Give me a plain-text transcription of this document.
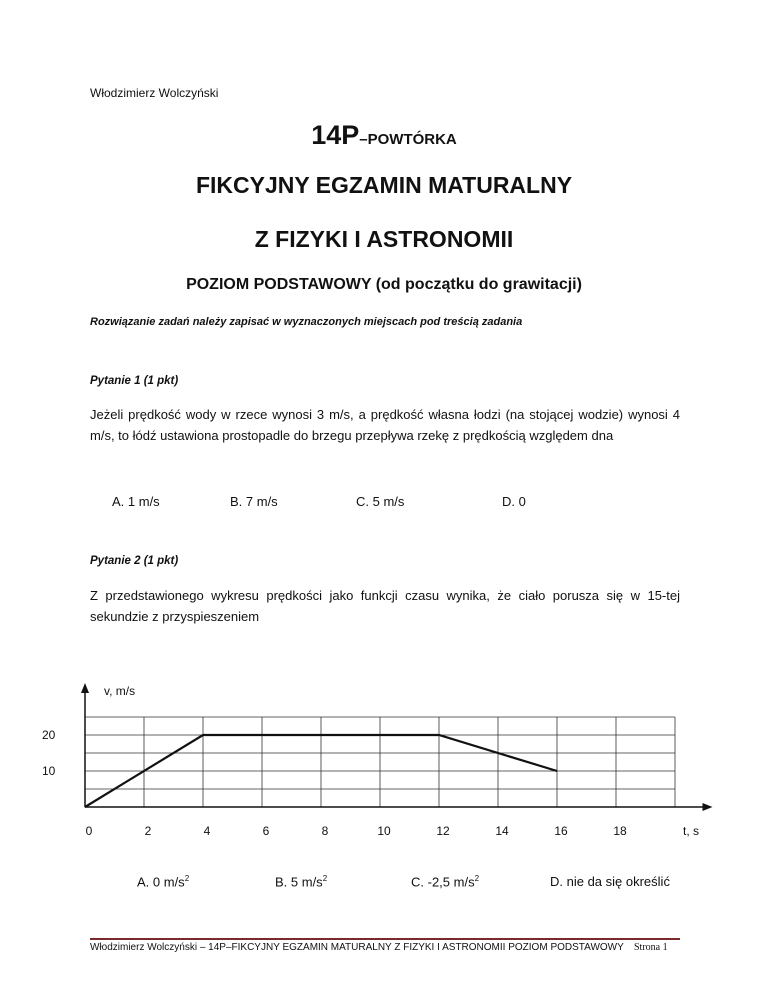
Włodzimierz Wolczyński
14P–POWTÓRKA
FIKCYJNY EGZAMIN MATURALNY
Z FIZYKI I ASTRONOMII
POZIOM PODSTAWOWY (od początku do grawitacji)
Rozwiązanie zadań należy zapisać w wyznaczonych miejscach pod treścią zadania
Pytanie 1 (1 pkt)
Jeżeli prędkość wody w rzece wynosi 3 m/s, a prędkość własna łodzi (na stojącej wodzie) wynosi 4 m/s, to łódź ustawiona prostopadle do brzegu przepływa rzekę z prędkością względem dna
A. 1 m/s	B. 7 m/s	C. 5 m/s	D. 0
Pytanie 2 (1 pkt)
Z przedstawionego wykresu prędkości jako funkcji czasu wynika, że ciało porusza się w 15-tej sekundzie z przyspieszeniem
0	2	4	6	8	10	12	14	16	18
10
20
v, m/s
t, s
A. 0 $m/s^2$	B. 5 $m/s^2$	C. -2,5 $m/s^2$	D. nie da się określić
Włodzimierz Wolczyński – 14P–FIKCYJNY EGZAMIN MATURALNY Z FIZYKI I ASTRONOMII POZIOM PODSTAWOWY Strona 1
